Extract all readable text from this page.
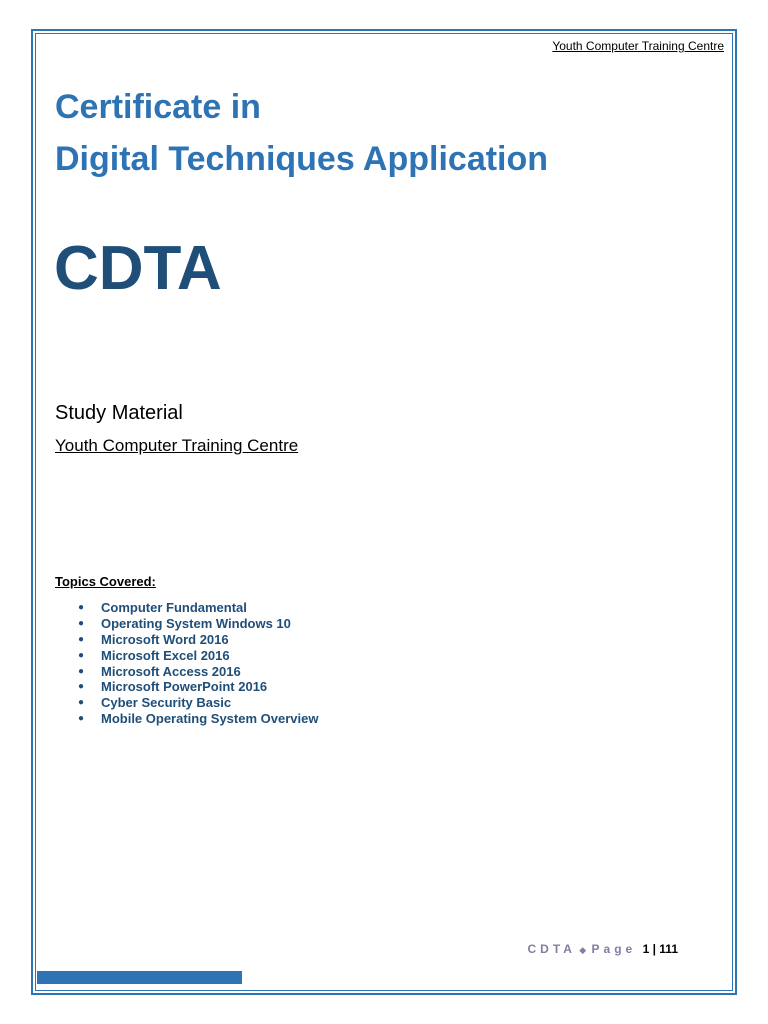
Youth Computer Training Centre
Certificate in
Digital Techniques Application
CDTA
Study Material
Youth Computer Training Centre
Topics Covered:
● Computer Fundamental
● Operating System Windows 10
● Microsoft Word 2016
● Microsoft Excel 2016
● Microsoft Access 2016
● Microsoft PowerPoint 2016
● Cyber Security Basic
● Mobile Operating System Overview
CDTA ◆ Page 1 | 111
